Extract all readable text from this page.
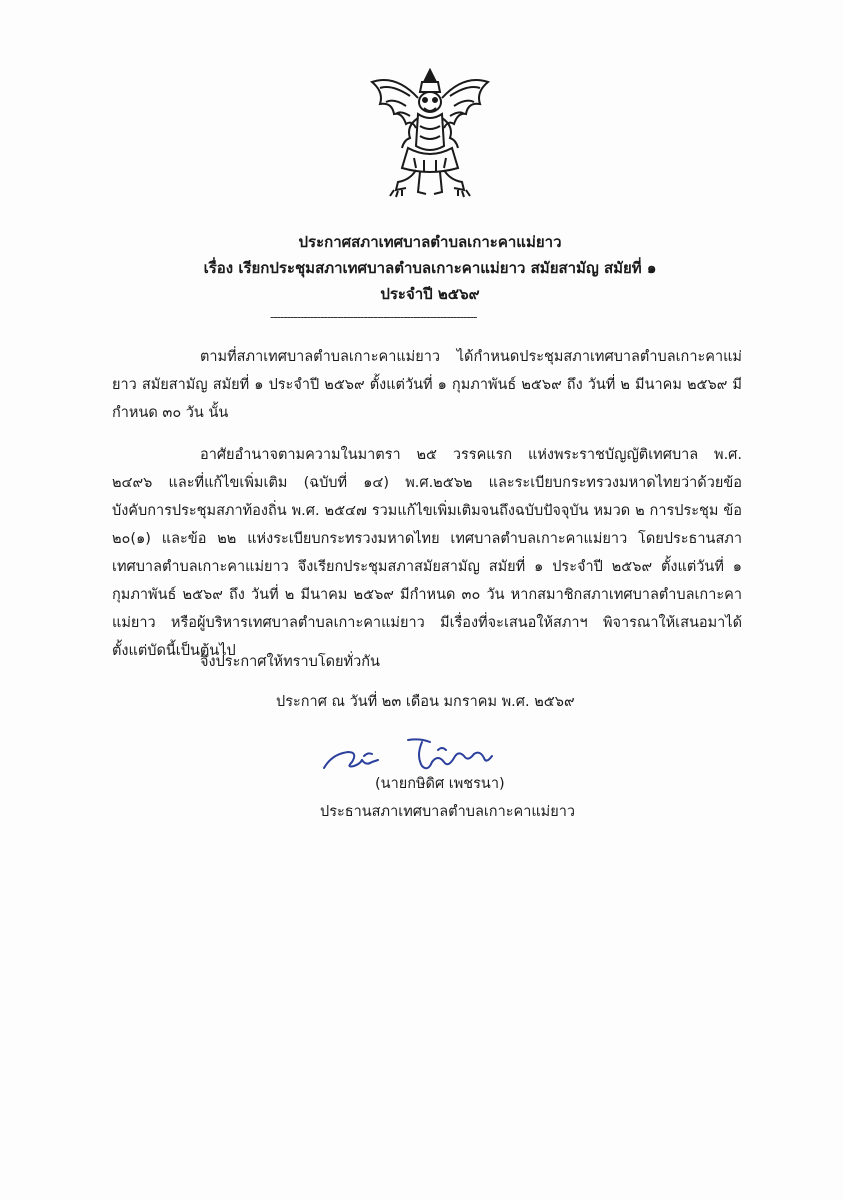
ประกาศสภาเทศบาลตำบลเกาะคาแม่ยาว
เรื่อง เรียกประชุมสภาเทศบาลตำบลเกาะคาแม่ยาว สมัยสามัญ สมัยที่ ๑
ประจำปี ๒๕๖๙
--------------------------------------------------------------
ตามที่สภาเทศบาลตำบลเกาะคาแม่ยาว ได้กำหนดประชุมสภาเทศบาลตำบลเกาะคาแม่ยาว สมัยสามัญ สมัยที่ ๑ ประจำปี ๒๕๖๙ ตั้งแต่วันที่ ๑ กุมภาพันธ์ ๒๕๖๙ ถึง วันที่ ๒ มีนาคม ๒๕๖๙ มีกำหนด ๓๐ วัน นั้น
อาศัยอำนาจตามความในมาตรา ๒๕ วรรคแรก แห่งพระราชบัญญัติเทศบาล พ.ศ. ๒๔๙๖ และที่แก้ไขเพิ่มเติม (ฉบับที่ ๑๔) พ.ศ.๒๕๖๒ และระเบียบกระทรวงมหาดไทยว่าด้วยข้อบังคับการประชุมสภาท้องถิ่น พ.ศ. ๒๕๔๗ รวมแก้ไขเพิ่มเติมจนถึงฉบับปัจจุบัน หมวด ๒ การประชุม ข้อ ๒๐(๑) และข้อ ๒๒ แห่งระเบียบกระทรวงมหาดไทย เทศบาลตำบลเกาะคาแม่ยาว โดยประธานสภาเทศบาลตำบลเกาะคาแม่ยาว จึงเรียกประชุมสภาสมัยสามัญ สมัยที่ ๑ ประจำปี ๒๕๖๙ ตั้งแต่วันที่ ๑ กุมภาพันธ์ ๒๕๖๙ ถึง วันที่ ๒ มีนาคม ๒๕๖๙ มีกำหนด ๓๐ วัน หากสมาชิกสภาเทศบาลตำบลเกาะคาแม่ยาว หรือผู้บริหารเทศบาลตำบลเกาะคาแม่ยาว มีเรื่องที่จะเสนอให้สภาฯ พิจารณาให้เสนอมาได้ ตั้งแต่บัดนี้เป็นต้นไป
จึงประกาศให้ทราบโดยทั่วกัน
ประกาศ ณ วันที่ ๒๓ เดือน มกราคม พ.ศ. ๒๕๖๙
(นายกษิดิศ เพชรนา)
ประธานสภาเทศบาลตำบลเกาะคาแม่ยาว
